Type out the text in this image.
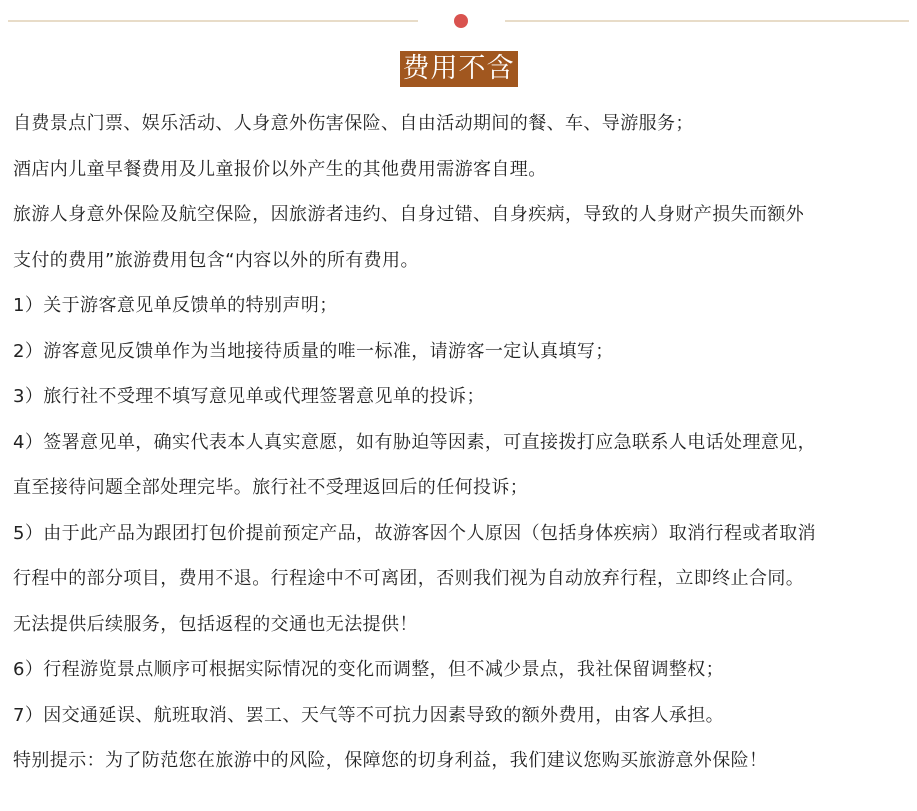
费用不含
自费景点门票、娱乐活动、人身意外伤害保险、自由活动期间的餐、车、导游服务；
酒店内儿童早餐费用及儿童报价以外产生的其他费用需游客自理。
旅游人身意外保险及航空保险，因旅游者违约、自身过错、自身疾病，导致的人身财产损失而额外
支付的费用”旅游费用包含“内容以外的所有费用。
1）关于游客意见单反馈单的特别声明；
2）游客意见反馈单作为当地接待质量的唯一标准，请游客一定认真填写；
3）旅行社不受理不填写意见单或代理签署意见单的投诉；
4）签署意见单，确实代表本人真实意愿，如有胁迫等因素，可直接拨打应急联系人电话处理意见，
直至接待问题全部处理完毕。旅行社不受理返回后的任何投诉；
5）由于此产品为跟团打包价提前预定产品，故游客因个人原因（包括身体疾病）取消行程或者取消
行程中的部分项目，费用不退。行程途中不可离团，否则我们视为自动放弃行程，立即终止合同。
无法提供后续服务，包括返程的交通也无法提供！
6）行程游览景点顺序可根据实际情况的变化而调整，但不减少景点，我社保留调整权；
7）因交通延误、航班取消、罢工、天气等不可抗力因素导致的额外费用，由客人承担。
特别提示：为了防范您在旅游中的风险，保障您的切身利益，我们建议您购买旅游意外保险！
